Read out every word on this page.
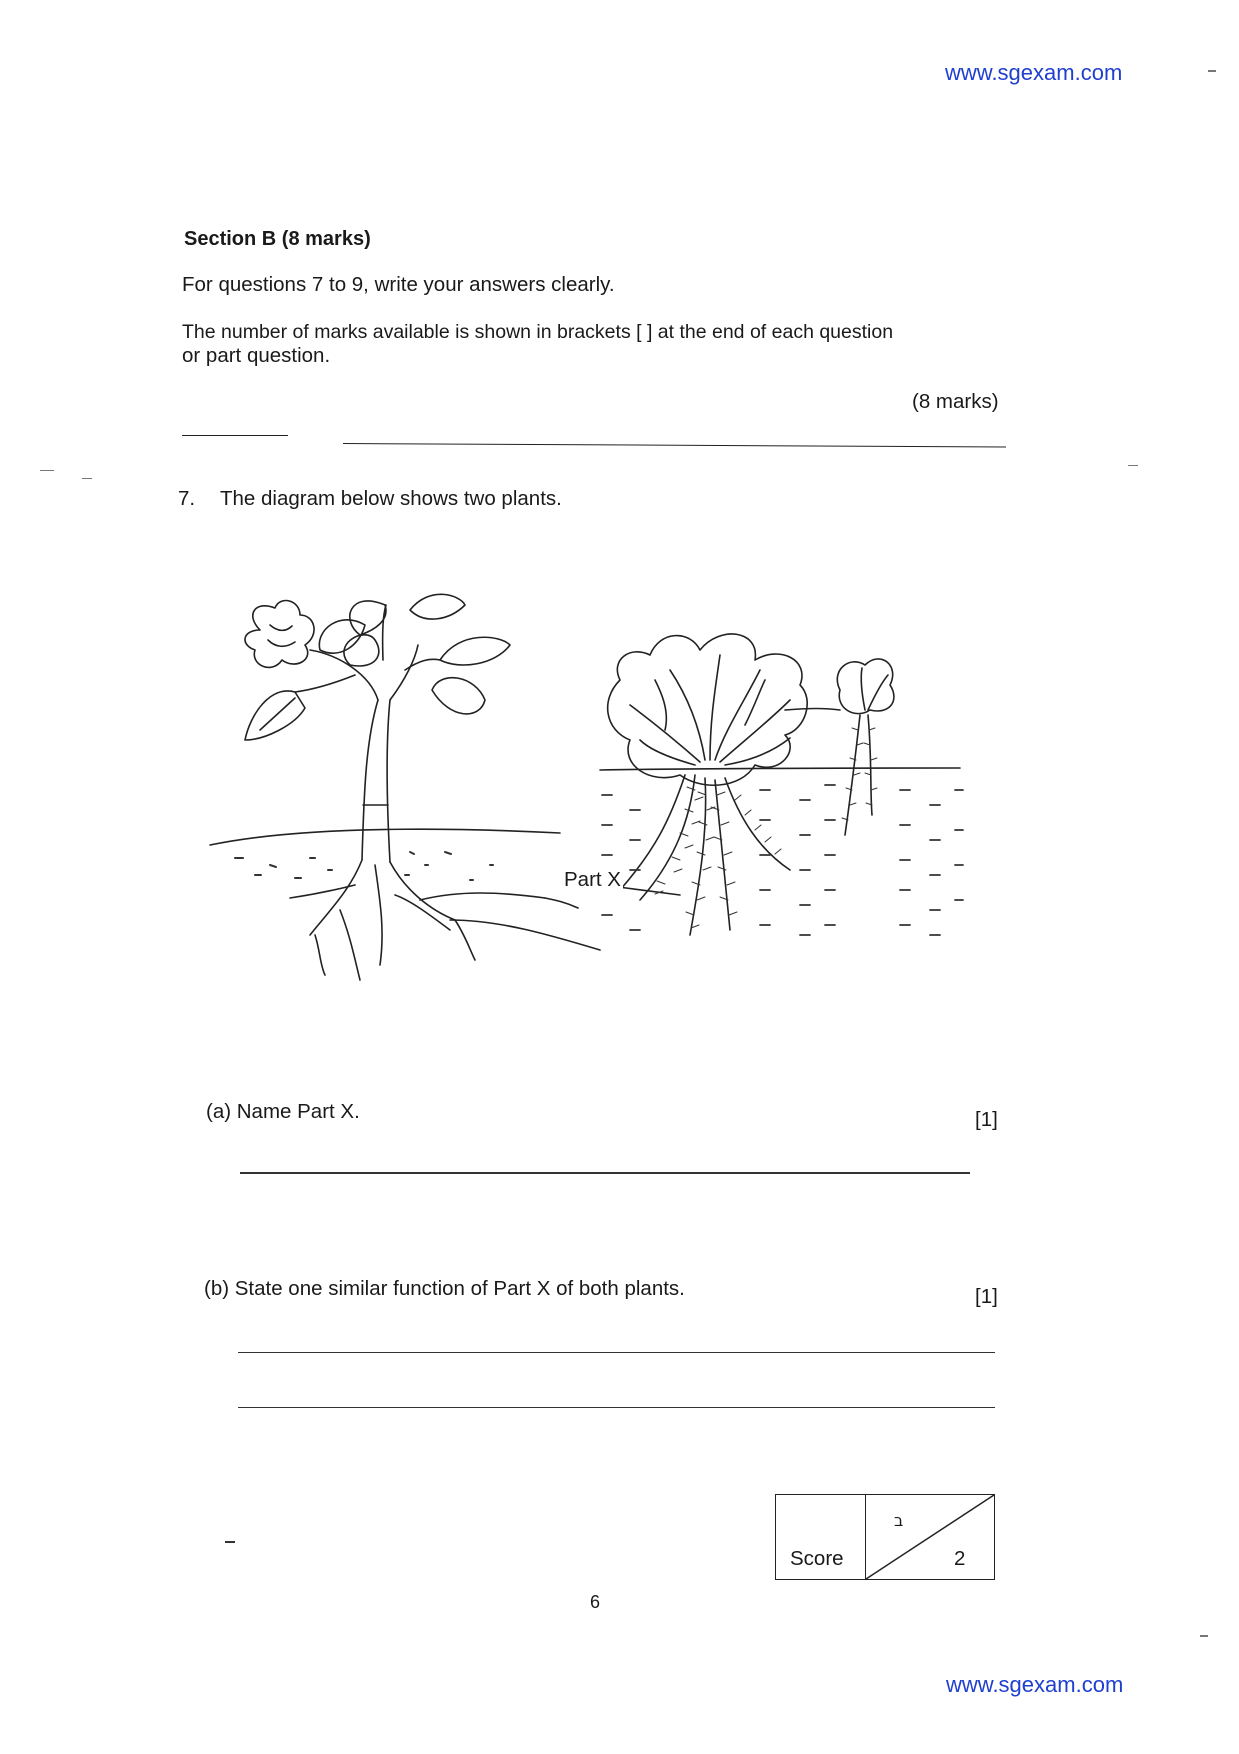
www.sgexam.com
Section B (8 marks)
For questions 7 to 9, write your answers clearly.
The number of marks available is shown in brackets [ ] at the end of each question
or part question.
(8 marks)
7. The diagram below shows two plants.
Part X
(a) Name Part X.	[1]
(b) State one similar function of Part X of both plants.	[1]
Score
ב
2
6
www.sgexam.com
